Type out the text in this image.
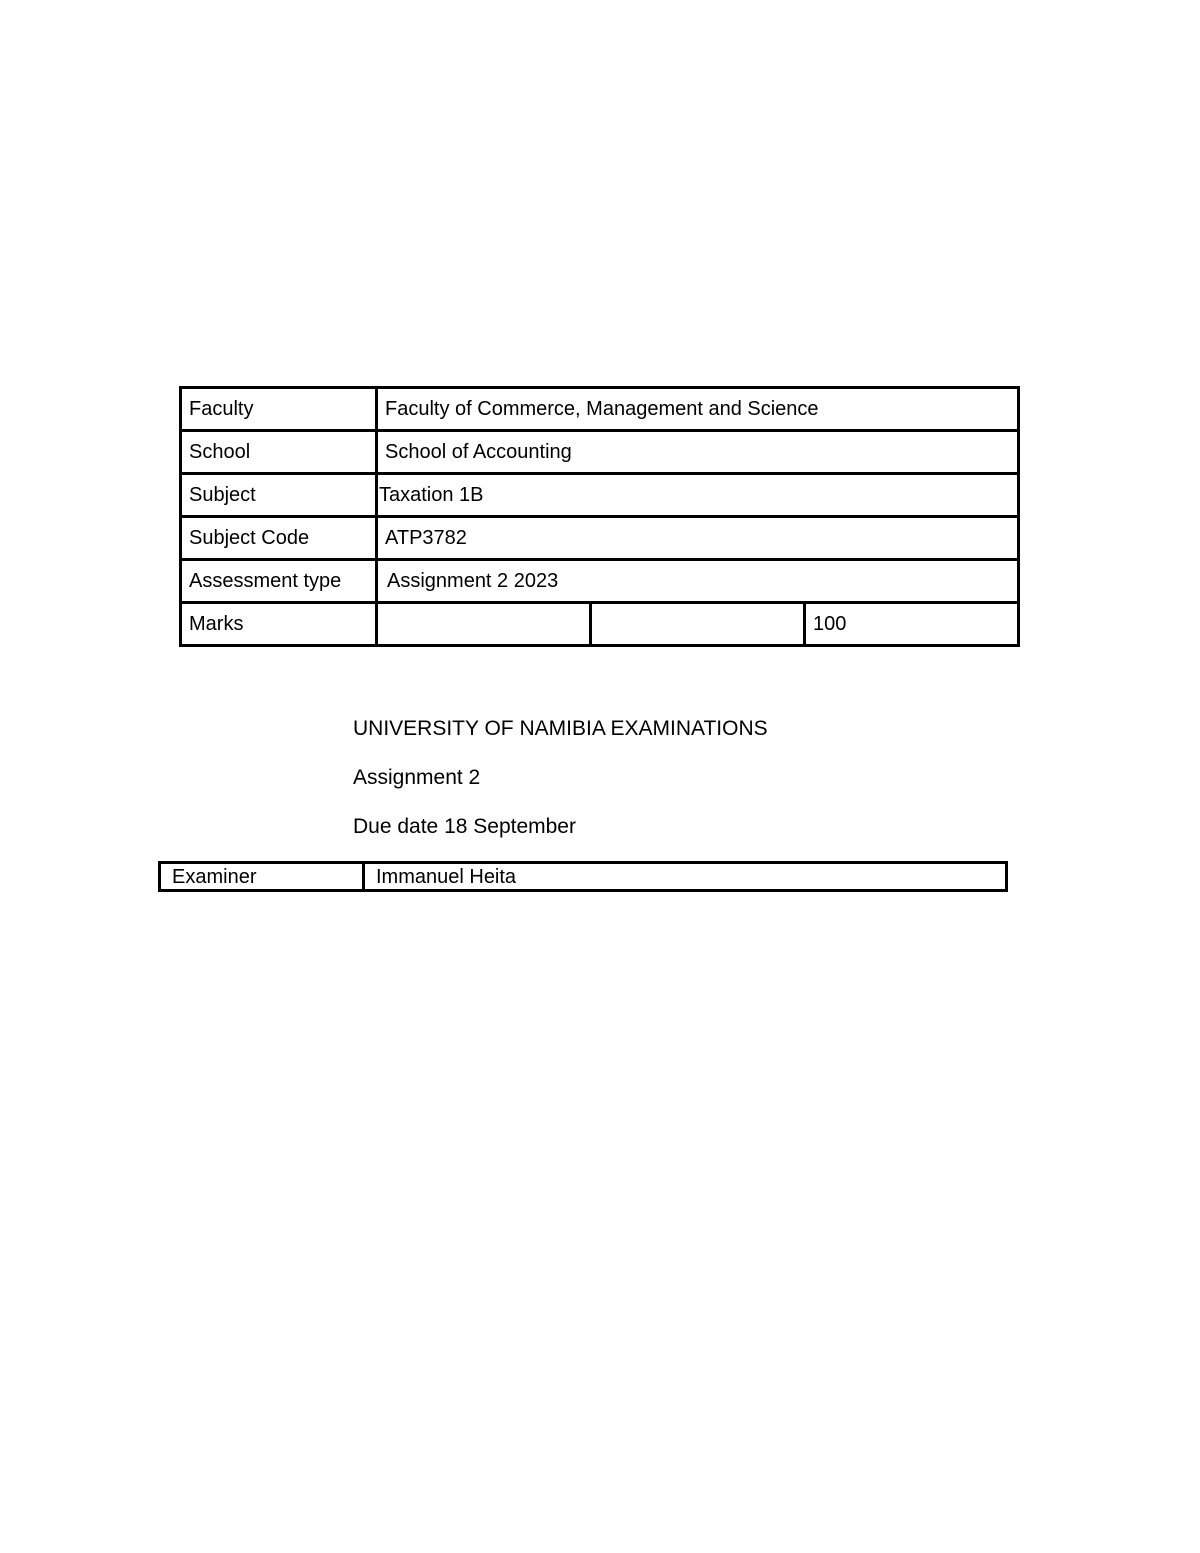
Faculty	Faculty of Commerce, Management and Science		
School	School of Accounting		
Subject	Taxation 1B		
Subject Code	ATP3782		
Assessment type	Assignment 2 2023		
Marks			100
UNIVERSITY OF NAMIBIA EXAMINATIONS
Assignment 2
Due date 18 September
Examiner	Immanuel Heita
